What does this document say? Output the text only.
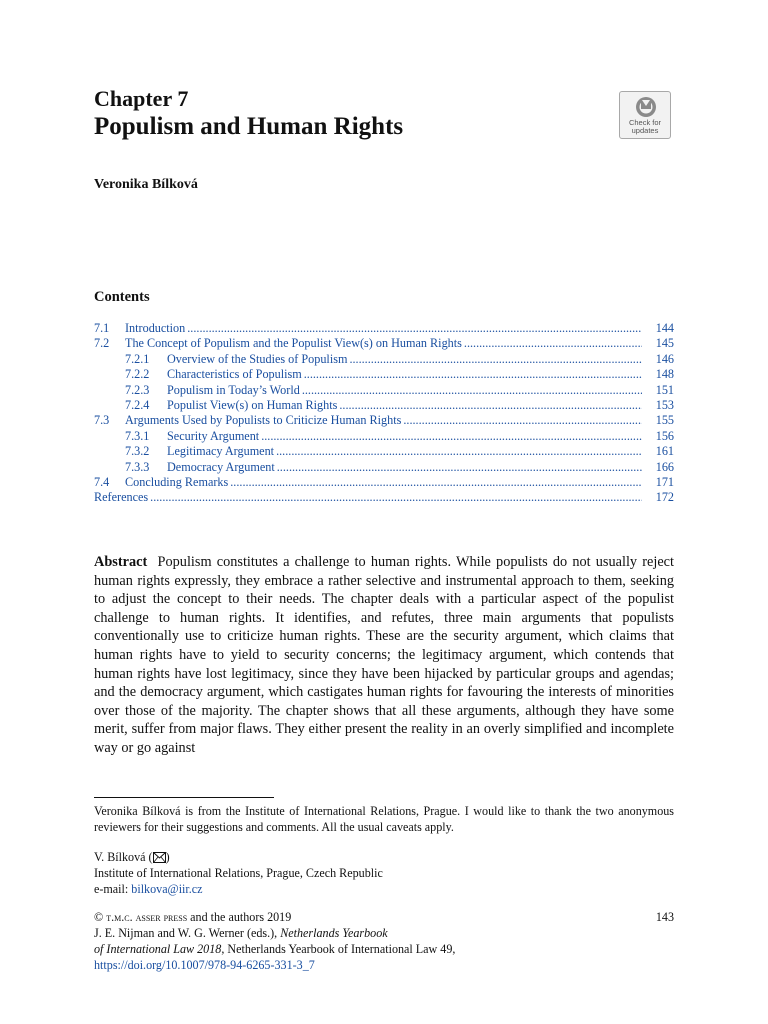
Chapter 7
Populism and Human Rights	Check for
updates
Veronika Bílková
Contents
7.1	Introduction .....	144
7.2	The Concept of Populism and the Populist View(s) on Human Rights .....	145
7.2.1	Overview of the Studies of Populism .....	146
7.2.2	Characteristics of Populism .....	148
7.2.3	Populism in Today’s World .....	151
7.2.4	Populist View(s) on Human Rights .....	153
7.3	Arguments Used by Populists to Criticize Human Rights .....	155
7.3.1	Security Argument .....	156
7.3.2	Legitimacy Argument .....	161
7.3.3	Democracy Argument .....	166
7.4	Concluding Remarks .....	171
References .....	172
Abstract Populism constitutes a challenge to human rights. While populists do not usually reject human rights expressly, they embrace a rather selective and instrumental approach to them, seeking to adjust the concept to their needs. The chapter deals with a particular aspect of the populist challenge to human rights. It identifies, and refutes, three main arguments that populists conventionally use to criticize human rights. These are the security argument, which claims that human rights have to yield to security concerns; the legitimacy argument, which contends that human rights have lost legitimacy, since they have been hijacked by particular groups and agendas; and the democracy argument, which castigates human rights for favouring the interests of minorities over those of the majority. The chapter shows that all these arguments, although they have some merit, suffer from major flaws. They either present the reality in an overly simplified and incomplete way or go against
Veronika Bílková is from the Institute of International Relations, Prague. I would like to thank the two anonymous reviewers for their suggestions and comments. All the usual caveats apply.
V. Bílková ( )
Institute of International Relations, Prague, Czech Republic
e-mail: bilkova@iir.cz
© t.m.c. asser press and the authors 2019
J. E. Nijman and W. G. Werner (eds.), Netherlands Yearbook
of International Law 2018, Netherlands Yearbook of International Law 49,
https://doi.org/10.1007/978-94-6265-331-3_7
143
